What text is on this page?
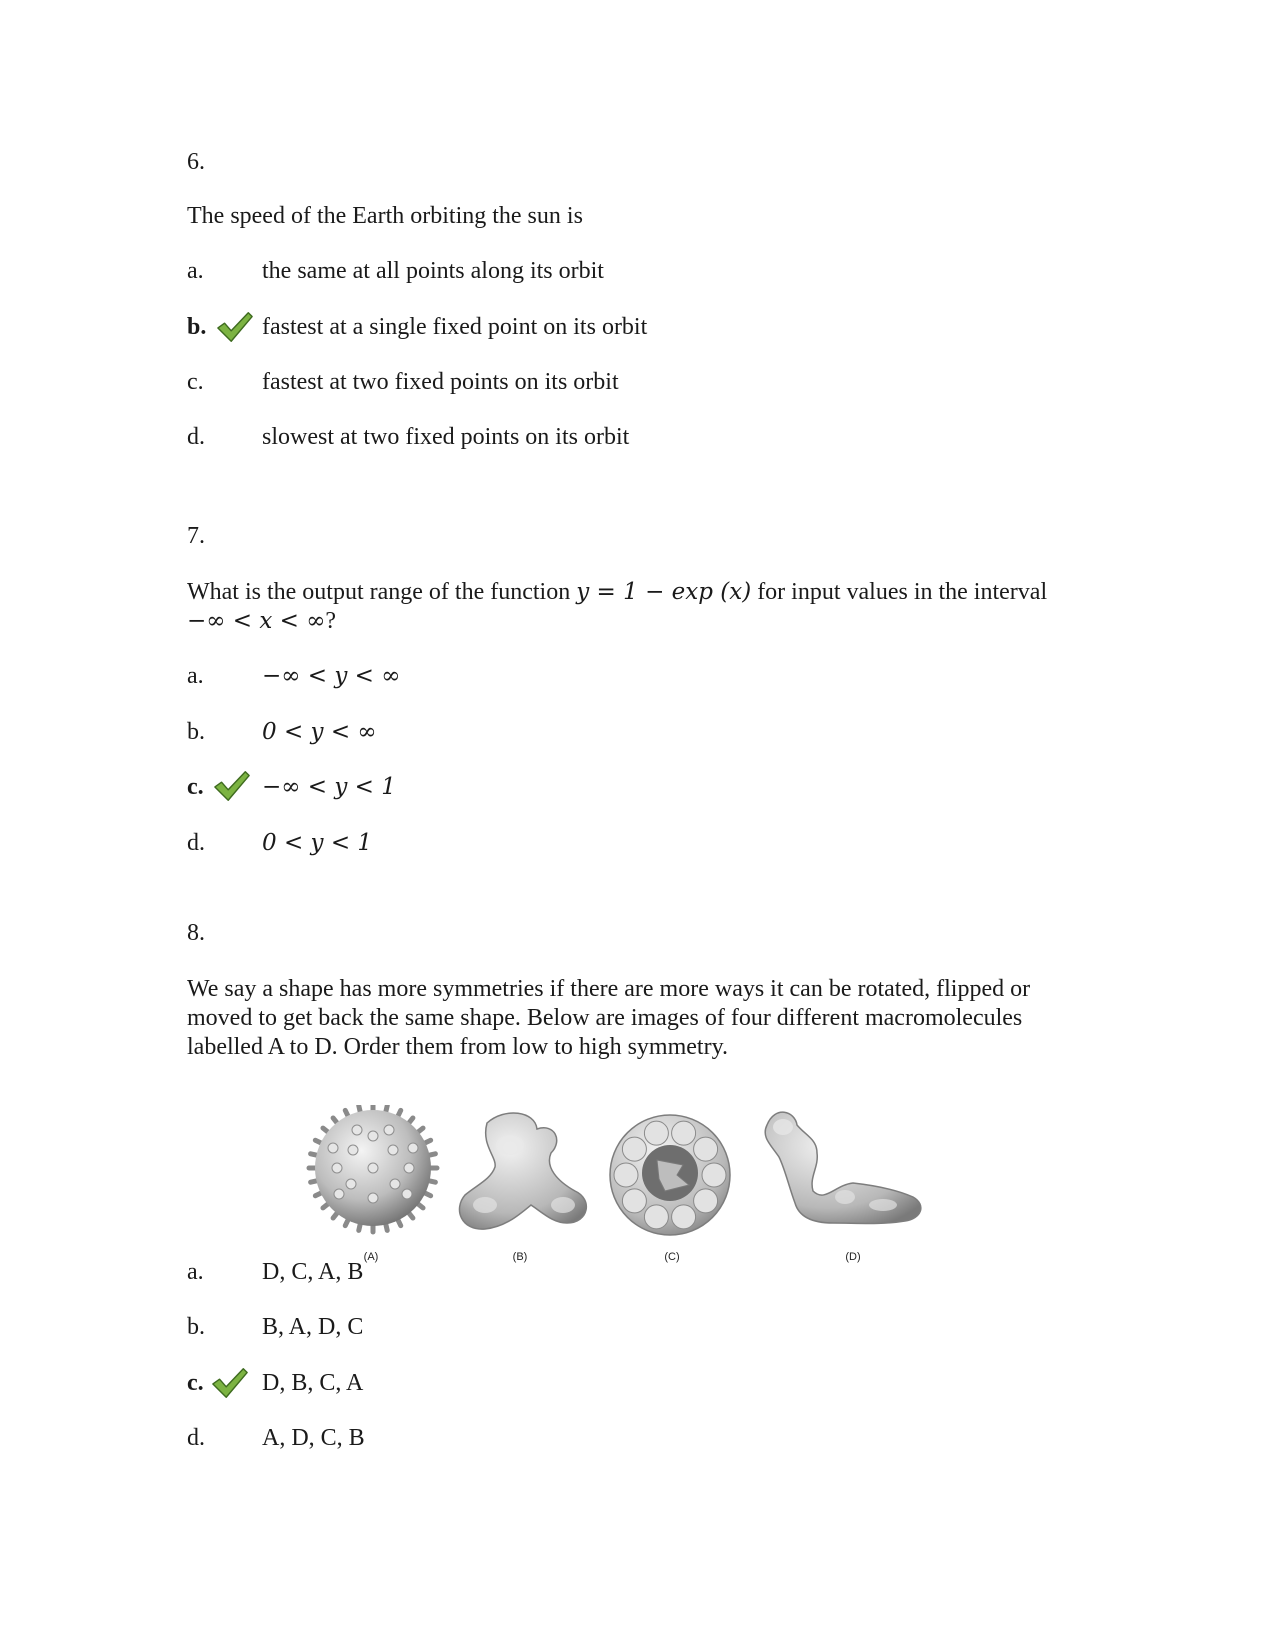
6.
The speed of the Earth orbiting the sun is
a. the same at all points along its orbit
b. fastest at a single fixed point on its orbit
c. fastest at two fixed points on its orbit
d. slowest at two fixed points on its orbit
7.
What is the output range of the function y = 1 − exp (x) for input values in the interval
−∞ < x < ∞?
a.	−∞ < y < ∞
b. 0 < y < ∞
c.	−∞ < y < 1
d. 0 < y < 1
8.
We say a shape has more symmetries if there are more ways it can be rotated, flipped or moved to get back the same shape. Below are images of four different macromolecules labelled A to D. Order them from low to high symmetry.
(A)	(B)	(C)	(D)
a. D, C, A, B
b. B, A, D, C
c. D, B, C, A
d. A, D, C, B
